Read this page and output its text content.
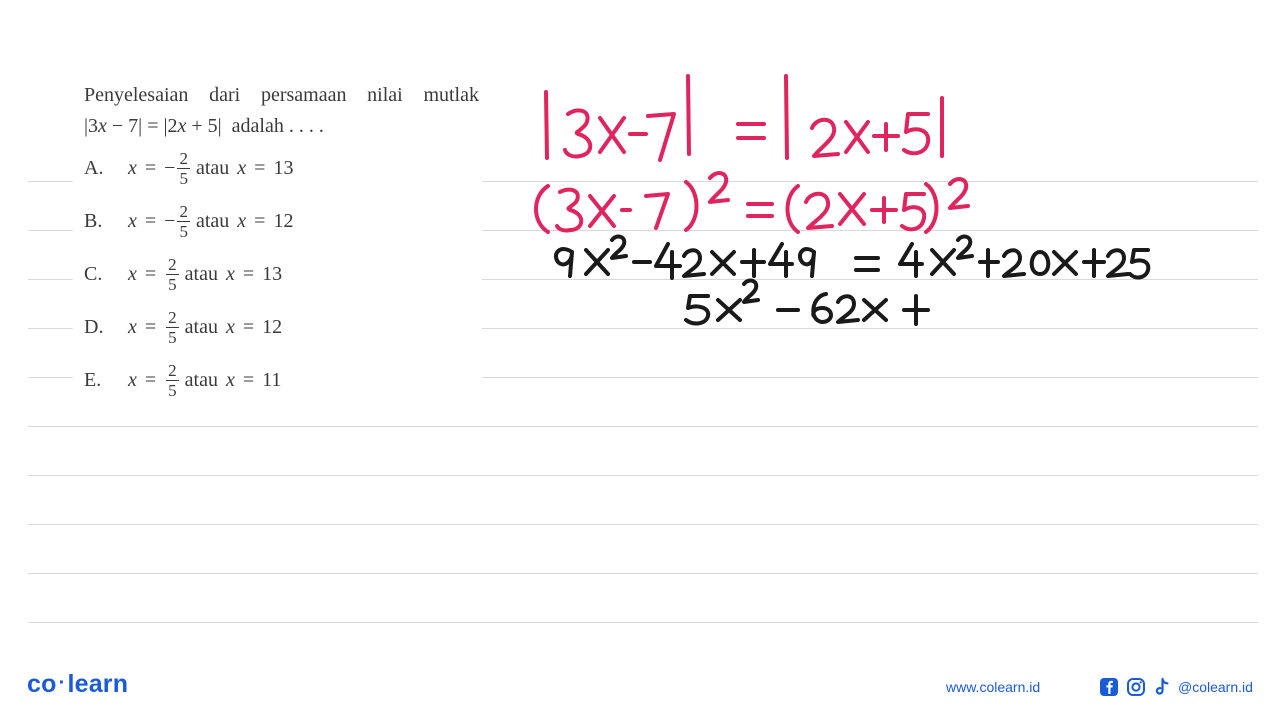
Penyelesaian dari persamaan nilai mutlak
|3x − 7| = |2x + 5|  adalah . . . .
A.	x = − $\frac{2}{5}$ atau x = 13
B.	x = − $\frac{2}{5}$ atau x = 12
C.	$x = \frac{2}{5}$ atau x = 13
D.	$x = \frac{2}{5}$ atau x = 12
E.	$x = \frac{2}{5}$ atau x = 11
co ·learn	www.colearn.id	@colearn.id
